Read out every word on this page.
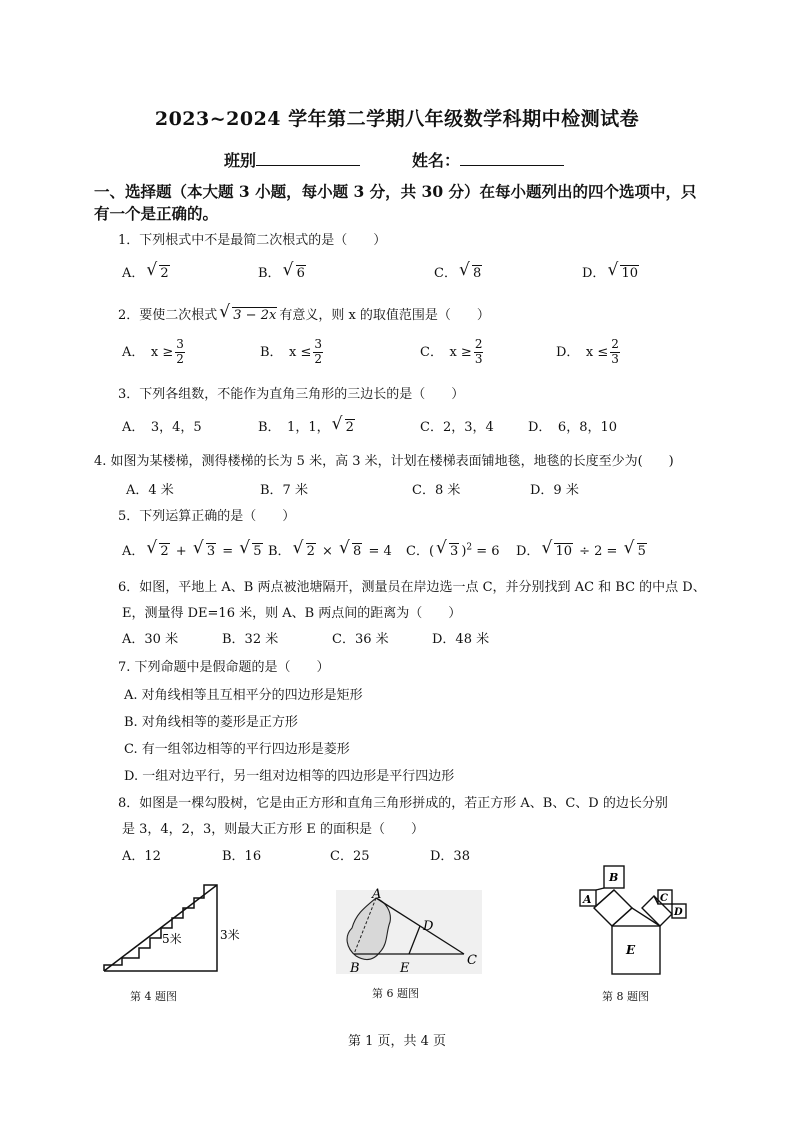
2023~2024 学年第二学期八年级数学科期中检测试卷
班别	姓名：
一、选择题（本大题 3 小题，每小题 3 分，共 30 分）在每小题列出的四个选项中，只
有一个是正确的。
1．下列根式中不是最简二次根式的是（　　）
A． √ 2	B． √ 6	C． √ 8	D． √ 10
2．要使二次根式 √ 3 − 2x 有意义，则 x 的取值范围是（　　）
A．　$x \ge \frac{3}{2}$	B．　$x \le \frac{3}{2}$	C．　$x \ge \frac{2}{3}$	D．　$x \le \frac{2}{3}$
3．下列各组数，不能作为直角三角形的三边长的是（　　）
A．　3，4，5	B．　1，1， √ 2	C．2，3，4	D．　6，8，10
4. 如图为某楼梯，测得楼梯的长为 5 米，高 3 米，计划在楼梯表面铺地毯，地毯的长度至少为(　　)
A．4 米	B．7 米	C．8 米	D．9 米
5．下列运算正确的是（　　）
A． √ 2 + √ 3 = √ 5 B． √ 2 × √ 8 = 4 C．( √ 3 )$^2$ = 6 D． √ 10 ÷ 2 = √ 5
6．如图，平地上 A、B 两点被池塘隔开，测量员在岸边选一点 C，并分别找到 AC 和 BC 的中点 D、
E，测量得 DE=16 米，则 A、B 两点间的距离为（　　）
A．30 米	B．32 米	C．36 米	D．48 米
7. 下列命题中是假命题的是（　　）
A. 对角线相等且互相平分的四边形是矩形
B. 对角线相等的菱形是正方形
C. 有一组邻边相等的平行四边形是菱形
D. 一组对边平行，另一组对边相等的四边形是平行四边形
8．如图是一棵勾股树，它是由正方形和直角三角形拼成的，若正方形 A、B、C、D 的边长分别
是 3，4，2，3，则最大正方形 E 的面积是（　　）
A．12	B．16	C．25	D．38
5米	3米
第 4 题图
A
B
C
D
E
第 6 题图
A
B
C
D
E
第 8 题图
第 1 页，共 4 页
